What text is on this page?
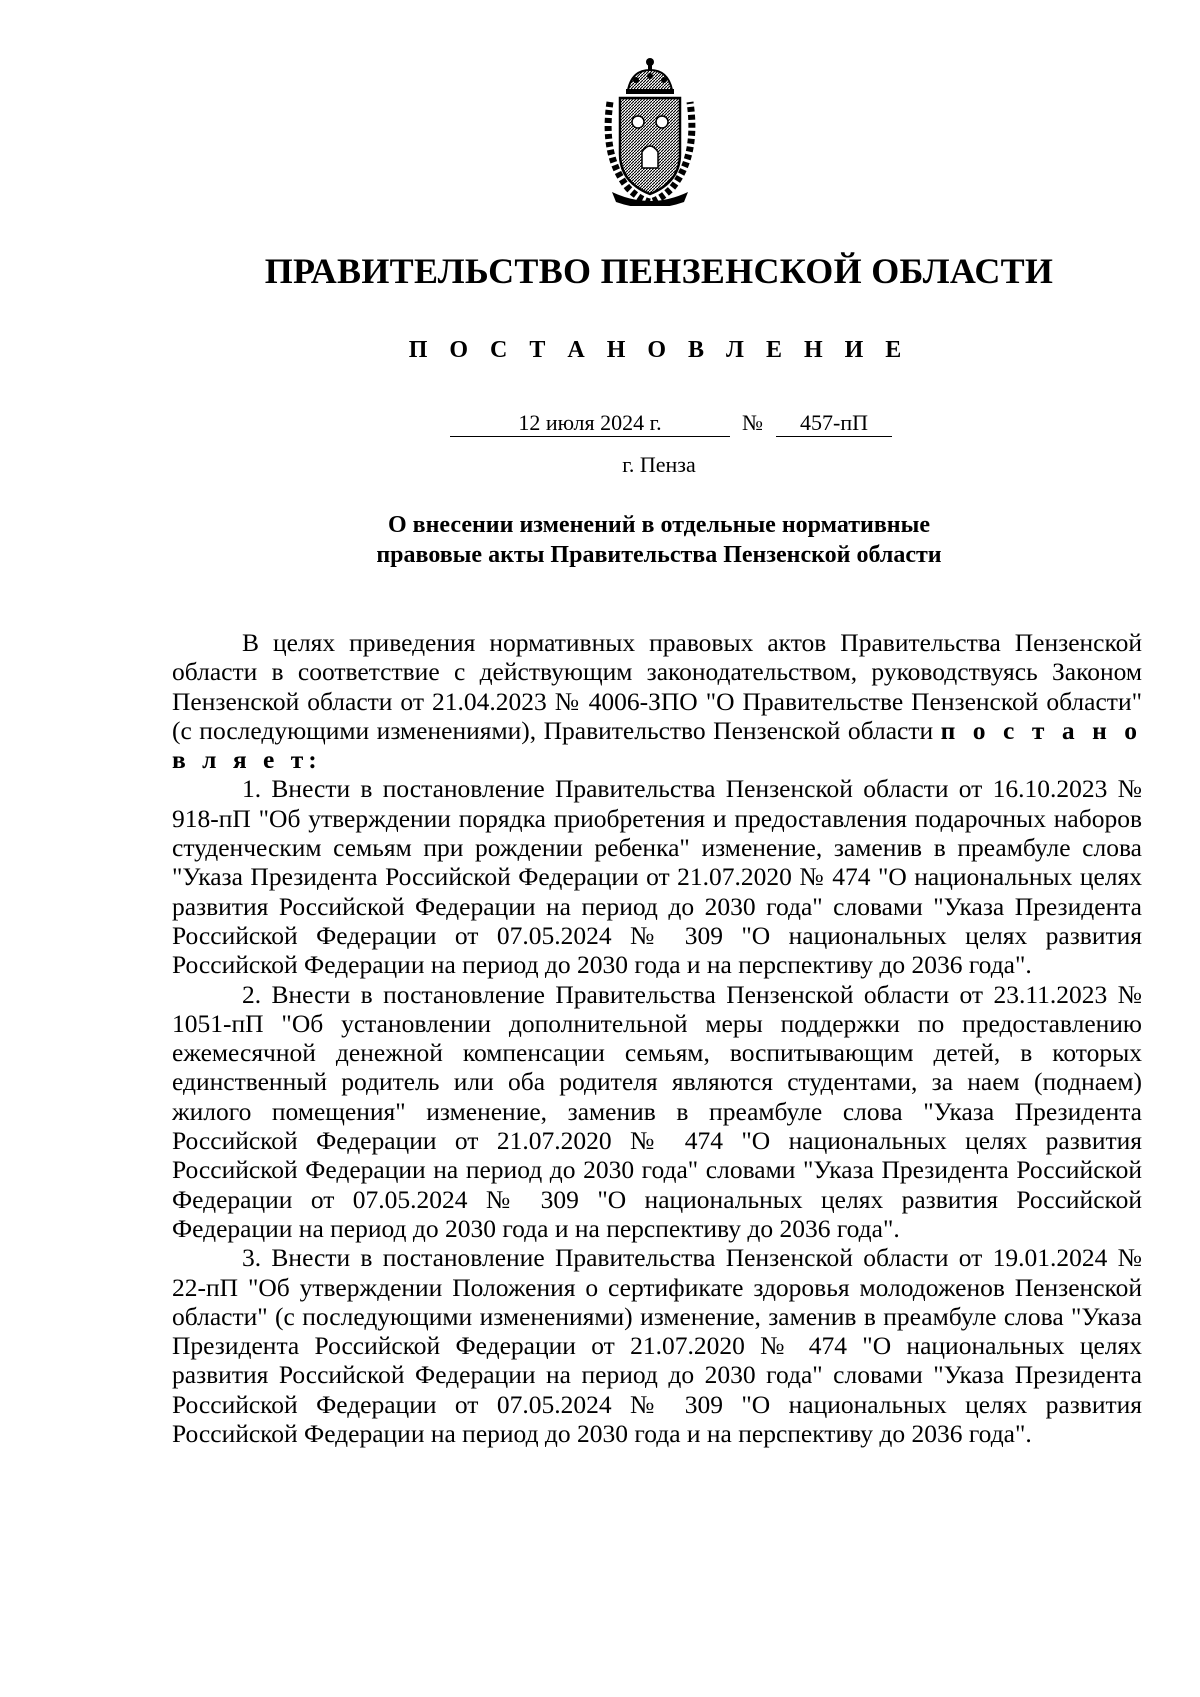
ПРАВИТЕЛЬСТВО ПЕНЗЕНСКОЙ ОБЛАСТИ
П О С Т А Н О В Л Е Н И Е
12 июля 2024 г.	№	457-пП
г. Пенза
О внесении изменений в отдельные нормативные
правовые акты Правительства Пензенской области

В целях приведения нормативных правовых актов Правительства Пензенской области в соответствие с действующим законодательством, руководствуясь Законом Пензенской области от 21.04.2023 № 4006-ЗПО "О Правительстве Пензенской области" (с последующими изменениями), Правительство Пензенской области п о с т а н о в л я е т:

1. Внести в постановление Правительства Пензенской области от 16.10.2023 № 918-пП "Об утверждении порядка приобретения и предоставления подарочных наборов студенческим семьям при рождении ребенка" изменение, заменив в преамбуле слова "Указа Президента Российской Федерации от 21.07.2020 № 474 "О национальных целях развития Российской Федерации на период до 2030 года" словами "Указа Президента Российской Федерации от 07.05.2024 № 309 "О национальных целях развития Российской Федерации на период до 2030 года и на перспективу до 2036 года".

2. Внести в постановление Правительства Пензенской области от 23.11.2023 № 1051-пП "Об установлении дополнительной меры поддержки по предоставлению ежемесячной денежной компенсации семьям, воспитывающим детей, в которых единственный родитель или оба родителя являются студентами, за наем (поднаем) жилого помещения" изменение, заменив в преамбуле слова "Указа Президента Российской Федерации от 21.07.2020 № 474 "О национальных целях развития Российской Федерации на период до 2030 года" словами "Указа Президента Российской Федерации от 07.05.2024 № 309 "О национальных целях развития Российской Федерации на период до 2030 года и на перспективу до 2036 года".

3. Внести в постановление Правительства Пензенской области от 19.01.2024 № 22-пП "Об утверждении Положения о сертификате здоровья молодоженов Пензенской области" (с последующими изменениями) изменение, заменив в преамбуле слова "Указа Президента Российской Федерации от 21.07.2020 № 474 "О национальных целях развития Российской Федерации на период до 2030 года" словами "Указа Президента Российской Федерации от 07.05.2024 № 309 "О национальных целях развития Российской Федерации на период до 2030 года и на перспективу до 2036 года".
